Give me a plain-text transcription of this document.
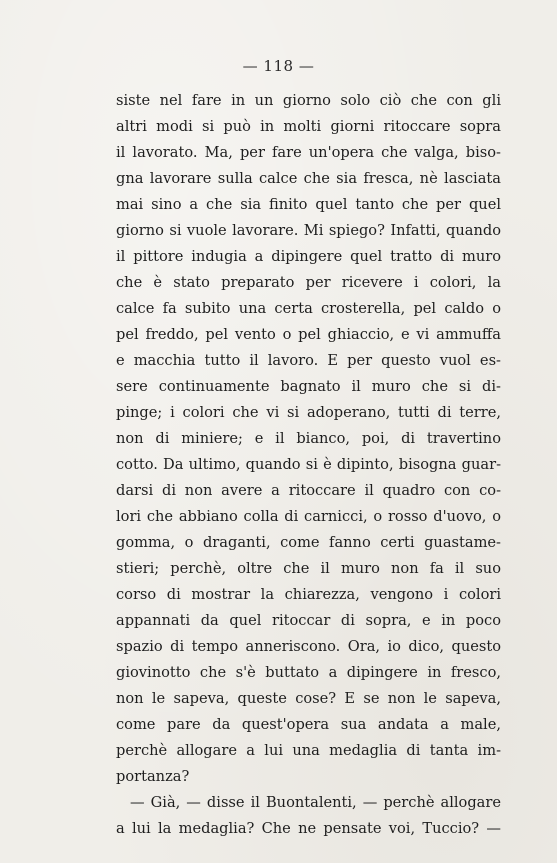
— 118 —
siste nel fare in un giorno solo ciò che con gli
altri modi si può in molti giorni ritoccare sopra
il lavorato. Ma, per fare un'opera che valga, biso-
gna lavorare sulla calce che sia fresca, nè lasciata
mai sino a che sia finito quel tanto che per quel
giorno si vuole lavorare. Mi spiego? Infatti, quando
il pittore indugia a dipingere quel tratto di muro
che è stato preparato per ricevere i colori, la
calce fa subito una certa crosterella, pel caldo o
pel freddo, pel vento o pel ghiaccio, e vi ammuffa
e macchia tutto il lavoro. E per questo vuol es-
sere continuamente bagnato il muro che si di-
pinge; i colori che vi si adoperano, tutti di terre,
non di miniere; e il bianco, poi, di travertino
cotto. Da ultimo, quando si è dipinto, bisogna guar-
darsi di non avere a ritoccare il quadro con co-
lori che abbiano colla di carnicci, o rosso d'uovo, o
gomma, o draganti, come fanno certi guastame-
stieri; perchè, oltre che il muro non fa il suo
corso di mostrar la chiarezza, vengono i colori
appannati da quel ritoccar di sopra, e in poco
spazio di tempo anneriscono. Ora, io dico, questo
giovinotto che s'è buttato a dipingere in fresco,
non le sapeva, queste cose? E se non le sapeva,
come pare da quest'opera sua andata a male,
perchè allogare a lui una medaglia di tanta im-
portanza?
— Già, — disse il Buontalenti, — perchè allogare
a lui la medaglia? Che ne pensate voi, Tuccio? —
